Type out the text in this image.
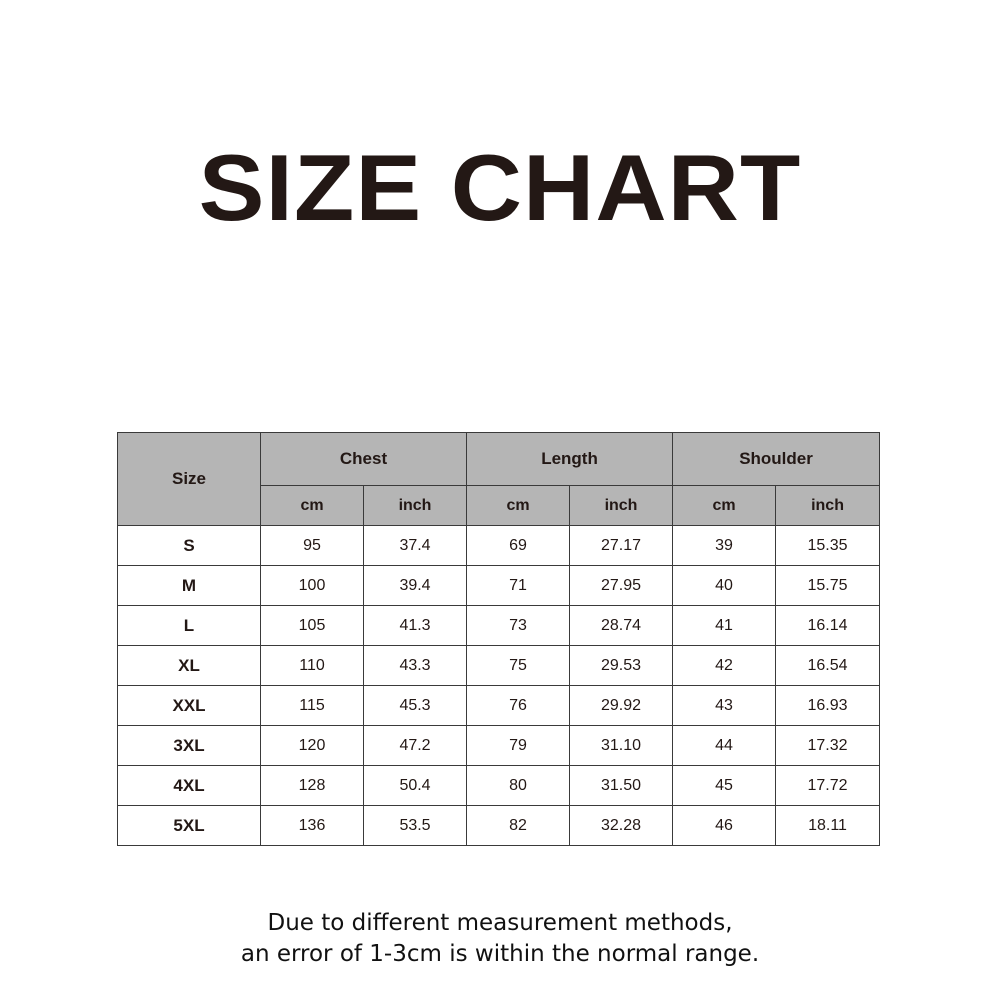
SIZE CHART
Size	Chest		Length		Shoulder	
	cm	inch	cm	inch	cm	inch
S	95	37.4	69	27.17	39	15.35
M	100	39.4	71	27.95	40	15.75
L	105	41.3	73	28.74	41	16.14
XL	110	43.3	75	29.53	42	16.54
XXL	115	45.3	76	29.92	43	16.93
3XL	120	47.2	79	31.10	44	17.32
4XL	128	50.4	80	31.50	45	17.72
5XL	136	53.5	82	32.28	46	18.11
Due to different measurement methods,
an error of 1-3cm is within the normal range.
